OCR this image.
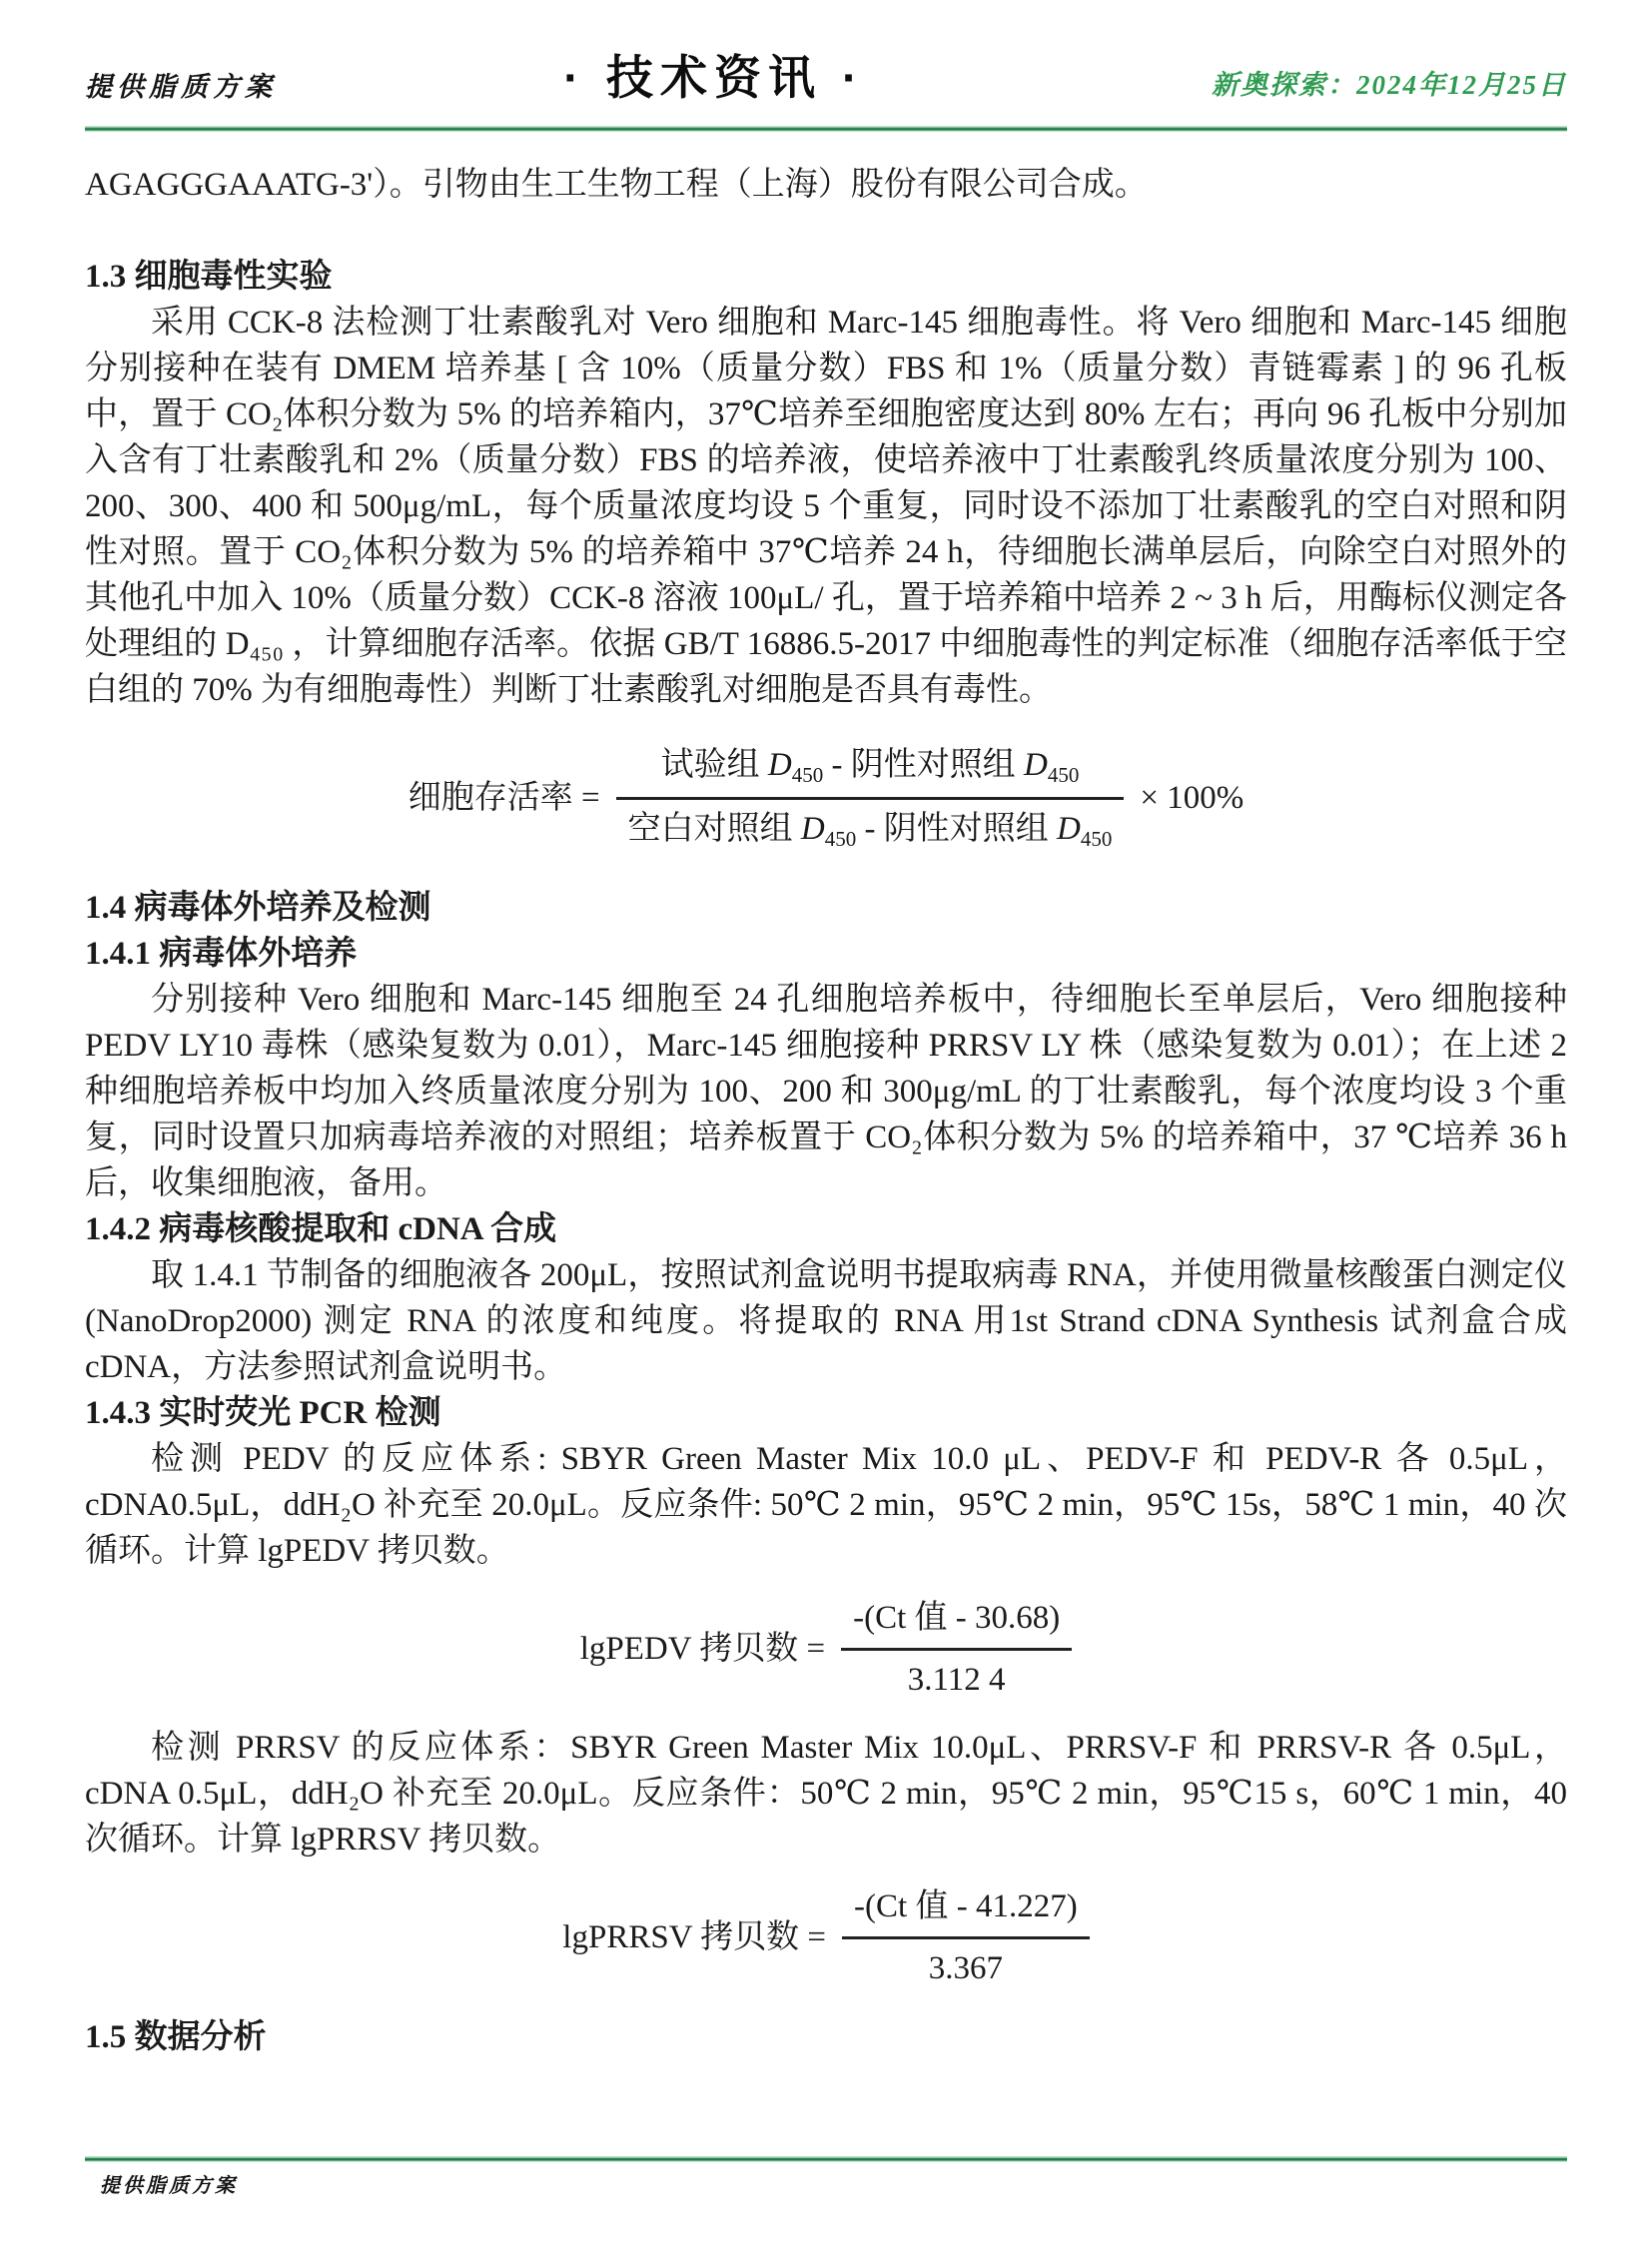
提供脂质方案	· 技术资讯 ·	新奥探索：2024年12月25日

AGAGGGAAATG-3'）。引物由生工生物工程（上海）股份有限公司合成。

1.3 细胞毒性实验

采用 CCK-8 法检测丁壮素酸乳对 Vero 细胞和 Marc-145 细胞毒性。将 Vero 细胞和 Marc-145 细胞分别接种在装有 DMEM 培养基 [ 含 10%（质量分数）FBS 和 1%（质量分数）青链霉素 ] 的 96 孔板中，置于 CO₂体积分数为 5% 的培养箱内，37℃培养至细胞密度达到 80% 左右；再向 96 孔板中分别加入含有丁壮素酸乳和 2%（质量分数）FBS 的培养液，使培养液中丁壮素酸乳终质量浓度分别为 100、200、300、400 和 500μg/mL，每个质量浓度均设 5 个重复，同时设不添加丁壮素酸乳的空白对照和阴性对照。置于 CO₂体积分数为 5% 的培养箱中 37℃培养 24 h，待细胞长满单层后，向除空白对照外的其他孔中加入 10%（质量分数）CCK-8 溶液 100μL/ 孔，置于培养箱中培养 2 ~ 3 h 后，用酶标仪测定各处理组的 D₄₅₀ ，计算细胞存活率。依据 GB/T 16886.5-2017 中细胞毒性的判定标准（细胞存活率低于空白组的 70% 为有细胞毒性）判断丁壮素酸乳对细胞是否具有毒性。

细胞存活率 = $\frac{试验组 D_{450} - 阴性对照组 D_{450}}{空白对照组 D_{450} - 阴性对照组 D_{450}} \times 100\%$
1.4 病毒体外培养及检测
1.4.1 病毒体外培养

分别接种 Vero 细胞和 Marc-145 细胞至 24 孔细胞培养板中，待细胞长至单层后，Vero 细胞接种 PEDV LY10 毒株（感染复数为 0.01），Marc-145 细胞接种 PRRSV LY 株（感染复数为 0.01）；在上述 2 种细胞培养板中均加入终质量浓度分别为 100、200 和 300μg/mL 的丁壮素酸乳，每个浓度均设 3 个重复，同时设置只加病毒培养液的对照组；培养板置于 CO₂体积分数为 5% 的培养箱中，37 ℃培养 36 h 后，收集细胞液，备用。

1.4.2 病毒核酸提取和 cDNA 合成

取 1.4.1 节制备的细胞液各 200μL，按照试剂盒说明书提取病毒 RNA，并使用微量核酸蛋白测定仪 (NanoDrop2000) 测定 RNA 的浓度和纯度。将提取的 RNA 用1st Strand cDNA Synthesis 试剂盒合成 cDNA，方法参照试剂盒说明书。

1.4.3 实时荧光 PCR 检测

检测 PEDV 的反应体系: SBYR Green Master Mix 10.0 μL、PEDV-F 和 PEDV-R 各 0.5μL，cDNA0.5μL，ddH₂O 补充至 20.0μL。反应条件: 50℃ 2 min，95℃ 2 min，95℃ 15s，58℃ 1 min，40 次循环。计算 lgPEDV 拷贝数。

lgPEDV 拷贝数 = $\frac{\text{-(Ct 值 - 30.68)}}{3.112 4}$

检测 PRRSV 的反应体系：SBYR Green Master Mix 10.0μL、PRRSV-F 和 PRRSV-R 各 0.5μL，cDNA 0.5μL，ddH₂O 补充至 20.0μL。反应条件：50℃ 2 min，95℃ 2 min，95℃15 s，60℃ 1 min，40 次循环。计算 lgPRRSV 拷贝数。

lgPRRSV 拷贝数 = $\frac{\text{-(Ct 值 - 41.227)}}{3.367}$
1.5 数据分析
提供脂质方案
